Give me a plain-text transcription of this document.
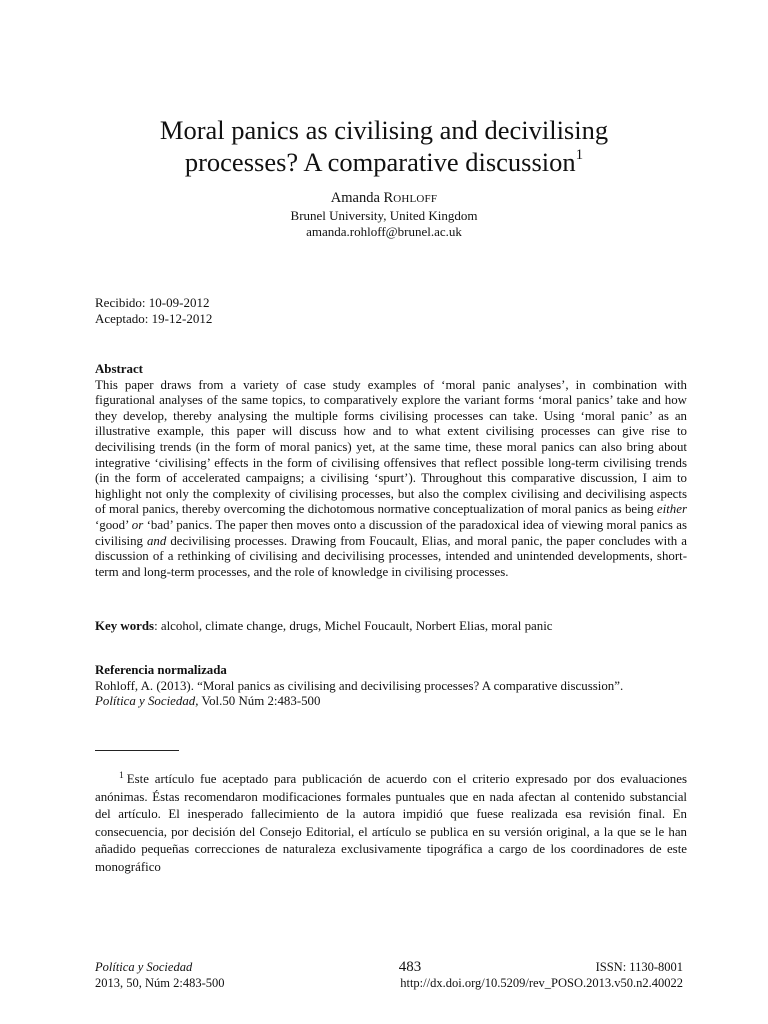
Moral panics as civilising and decivilising
processes? A comparative discussion$^1$
Amanda ROHLOFF
Brunel University, United Kingdom
amanda.rohloff@brunel.ac.uk
Recibido: 10-09-2012
Aceptado: 19-12-2012
Abstract
This paper draws from a variety of case study examples of ‘moral panic analyses’, in combination with figurational analyses of the same topics, to comparatively explore the variant forms ‘moral panics’ take and how they develop, thereby analysing the multiple forms civilising processes can take. Using ‘moral panic’ as an illustrative example, this paper will discuss how and to what extent civilising processes can give rise to decivilising trends (in the form of moral panics) yet, at the same time, these moral panics can also bring about integrative ‘civilising’ effects in the form of civilising offensives that reflect possible long-term civilising trends (in the form of accelerated campaigns; a civilising ‘spurt’). Throughout this comparative discussion, I aim to highlight not only the complexity of civilising processes, but also the complex civilising and decivilising aspects of moral panics, thereby overcoming the dichotomous normative conceptualization of moral panics as being either ‘good’ or ‘bad’ panics. The paper then moves onto a discussion of the paradoxical idea of viewing moral panics as civilising and decivilising processes. Drawing from Foucault, Elias, and moral panic, the paper concludes with a discussion of a rethinking of civilising and decivilising processes, intended and unintended developments, short-term and long-term processes, and the role of knowledge in civilising processes.
Key words: alcohol, climate change, drugs, Michel Foucault, Norbert Elias, moral panic
Referencia normalizada
Rohloff, A. (2013). “Moral panics as civilising and decivilising processes? A comparative discussion”.
Política y Sociedad, Vol.50 Núm 2:483-500
$^1$ Este artículo fue aceptado para publicación de acuerdo con el criterio expresado por dos evaluaciones anónimas. Éstas recomendaron modificaciones formales puntuales que en nada afectan al contenido substancial del artículo. El inesperado fallecimiento de la autora impidió que fuese realizada esa revisión final. En consecuencia, por decisión del Consejo Editorial, el artículo se publica en su versión original, a la que se le han añadido pequeñas correcciones de naturaleza exclusivamente tipográfica a cargo de los coordinadores de este monográfico
Política y Sociedad
2013, 50, Núm 2:483-500
483	ISSN: 1130-8001
http://dx.doi.org/10.5209/rev_POSO.2013.v50.n2.40022
